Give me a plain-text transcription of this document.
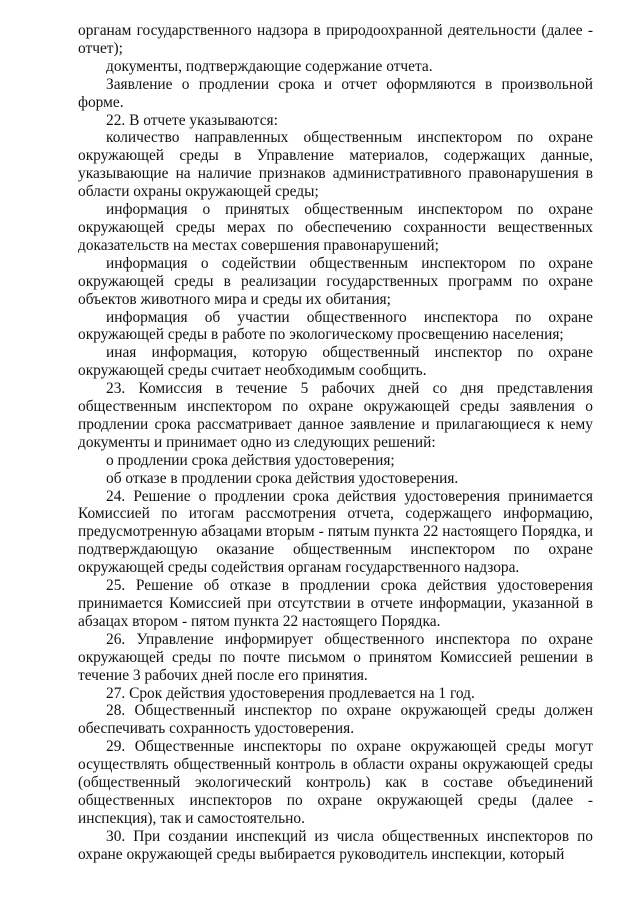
органам государственного надзора в природоохранной деятельности (далее - отчет);

документы, подтверждающие содержание отчета.

Заявление о продлении срока и отчет оформляются в произвольной форме.

22. В отчете указываются:

количество направленных общественным инспектором по охране окружающей среды в Управление материалов, содержащих данные, указывающие на наличие признаков административного правонарушения в области охраны окружающей среды;

информация о принятых общественным инспектором по охране окружающей среды мерах по обеспечению сохранности вещественных доказательств на местах совершения правонарушений;

информация о содействии общественным инспектором по охране окружающей среды в реализации государственных программ по охране объектов животного мира и среды их обитания;

информация об участии общественного инспектора по охране окружающей среды в работе по экологическому просвещению населения;

иная информация, которую общественный инспектор по охране окружающей среды считает необходимым сообщить.

23. Комиссия в течение 5 рабочих дней со дня представления общественным инспектором по охране окружающей среды заявления о продлении срока рассматривает данное заявление и прилагающиеся к нему документы и принимает одно из следующих решений:

о продлении срока действия удостоверения;

об отказе в продлении срока действия удостоверения.

24. Решение о продлении срока действия удостоверения принимается Комиссией по итогам рассмотрения отчета, содержащего информацию, предусмотренную абзацами вторым - пятым пункта 22 настоящего Порядка, и подтверждающую оказание общественным инспектором по охране окружающей среды содействия органам государственного надзора.

25. Решение об отказе в продлении срока действия удостоверения принимается Комиссией при отсутствии в отчете информации, указанной в абзацах втором - пятом пункта 22 настоящего Порядка.

26. Управление информирует общественного инспектора по охране окружающей среды по почте письмом о принятом Комиссией решении в течение 3 рабочих дней после его принятия.

27. Срок действия удостоверения продлевается на 1 год.

28. Общественный инспектор по охране окружающей среды должен обеспечивать сохранность удостоверения.

29. Общественные инспекторы по охране окружающей среды могут осуществлять общественный контроль в области охраны окружающей среды (общественный экологический контроль) как в составе объединений общественных инспекторов по охране окружающей среды (далее - инспекция), так и самостоятельно.

30. При создании инспекций из числа общественных инспекторов по охране окружающей среды выбирается руководитель инспекции, который
